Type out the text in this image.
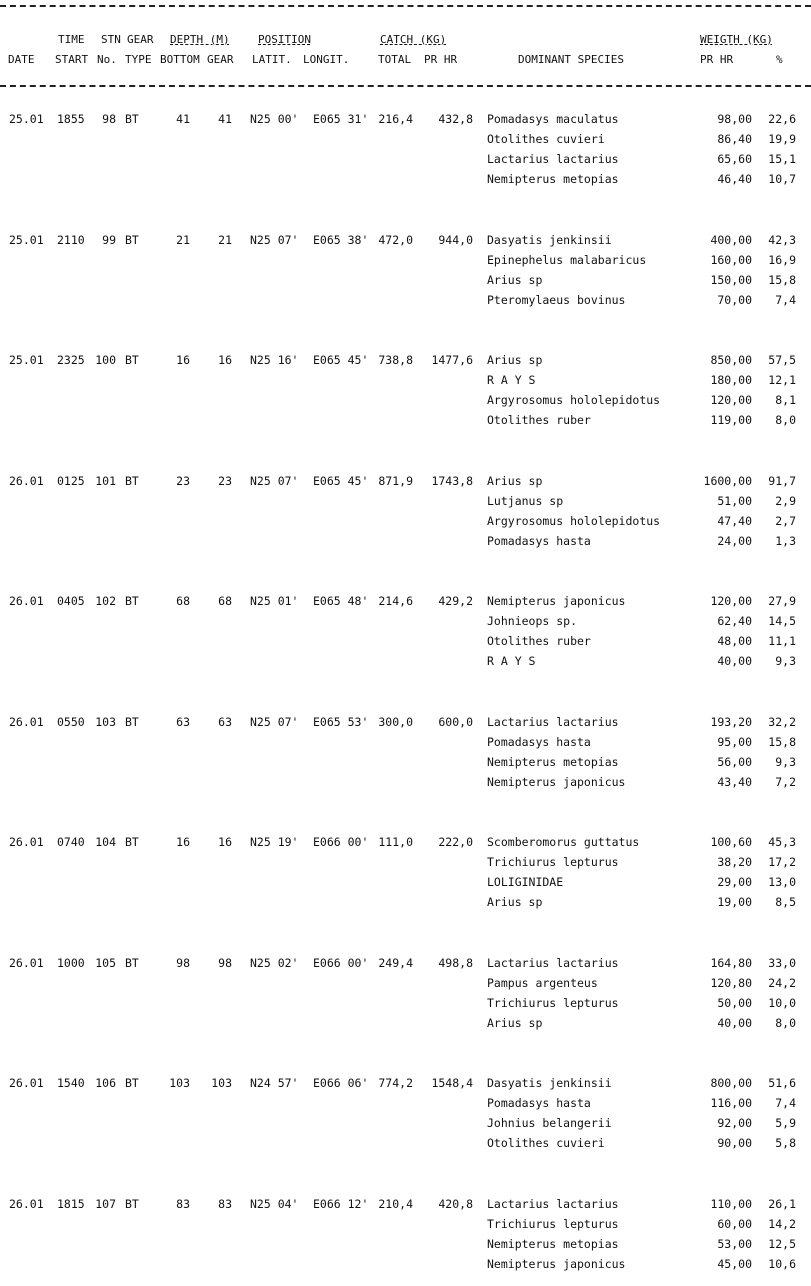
TIME STN GEAR DEPTH (M)	POSITION	CATCH (KG)	WEIGTH (KG)
DATE START No. TYPE BOTTOM GEAR LATIT. LONGIT.	TOTAL PR HR	DOMINANT SPECIES	PR HR	%
25.01 1855 98 BT	41 41 N25 00' E065 31' 216,4 432,8 Pomadasys maculatus	98,00 22,6
Otolithes cuvieri	86,40 19,9
Lactarius lactarius	65,60 15,1
Nemipterus metopias	46,40 10,7
25.01 2110 99 BT	21 21 N25 07' E065 38' 472,0 944,0 Dasyatis jenkinsii	400,00 42,3
Epinephelus malabaricus	160,00 16,9
Arius sp	150,00 15,8
Pteromylaeus bovinus	70,00 7,4
25.01 2325 100 BT	16 16 N25 16' E065 45' 738,8 1477,6 Arius sp	850,00 57,5
R A Y S	180,00 12,1
Argyrosomus hololepidotus	120,00 8,1
Otolithes ruber	119,00 8,0
26.01 0125 101 BT	23 23 N25 07' E065 45' 871,9 1743,8 Arius sp	1600,00 91,7
Lutjanus sp	51,00 2,9
Argyrosomus hololepidotus	47,40 2,7
Pomadasys hasta	24,00 1,3
26.01 0405 102 BT	68 68 N25 01' E065 48' 214,6 429,2 Nemipterus japonicus	120,00 27,9
Johnieops sp.	62,40 14,5
Otolithes ruber	48,00 11,1
R A Y S	40,00 9,3
26.01 0550 103 BT	63 63 N25 07' E065 53' 300,0 600,0 Lactarius lactarius	193,20 32,2
Pomadasys hasta	95,00 15,8
Nemipterus metopias	56,00 9,3
Nemipterus japonicus	43,40 7,2
26.01 0740 104 BT	16 16 N25 19' E066 00' 111,0 222,0 Scomberomorus guttatus	100,60 45,3
Trichiurus lepturus	38,20 17,2
LOLIGINIDAE	29,00 13,0
Arius sp	19,00 8,5
26.01 1000 105 BT	98 98 N25 02' E066 00' 249,4 498,8 Lactarius lactarius	164,80 33,0
Pampus argenteus	120,80 24,2
Trichiurus lepturus	50,00 10,0
Arius sp	40,00 8,0
26.01 1540 106 BT	103 103 N24 57' E066 06' 774,2 1548,4 Dasyatis jenkinsii	800,00 51,6
Pomadasys hasta	116,00 7,4
Johnius belangerii	92,00 5,9
Otolithes cuvieri	90,00 5,8
26.01 1815 107 BT	83 83 N25 04' E066 12' 210,4 420,8 Lactarius lactarius	110,00 26,1
Trichiurus lepturus	60,00 14,2
Nemipterus metopias	53,00 12,5
Nemipterus japonicus	45,00 10,6
